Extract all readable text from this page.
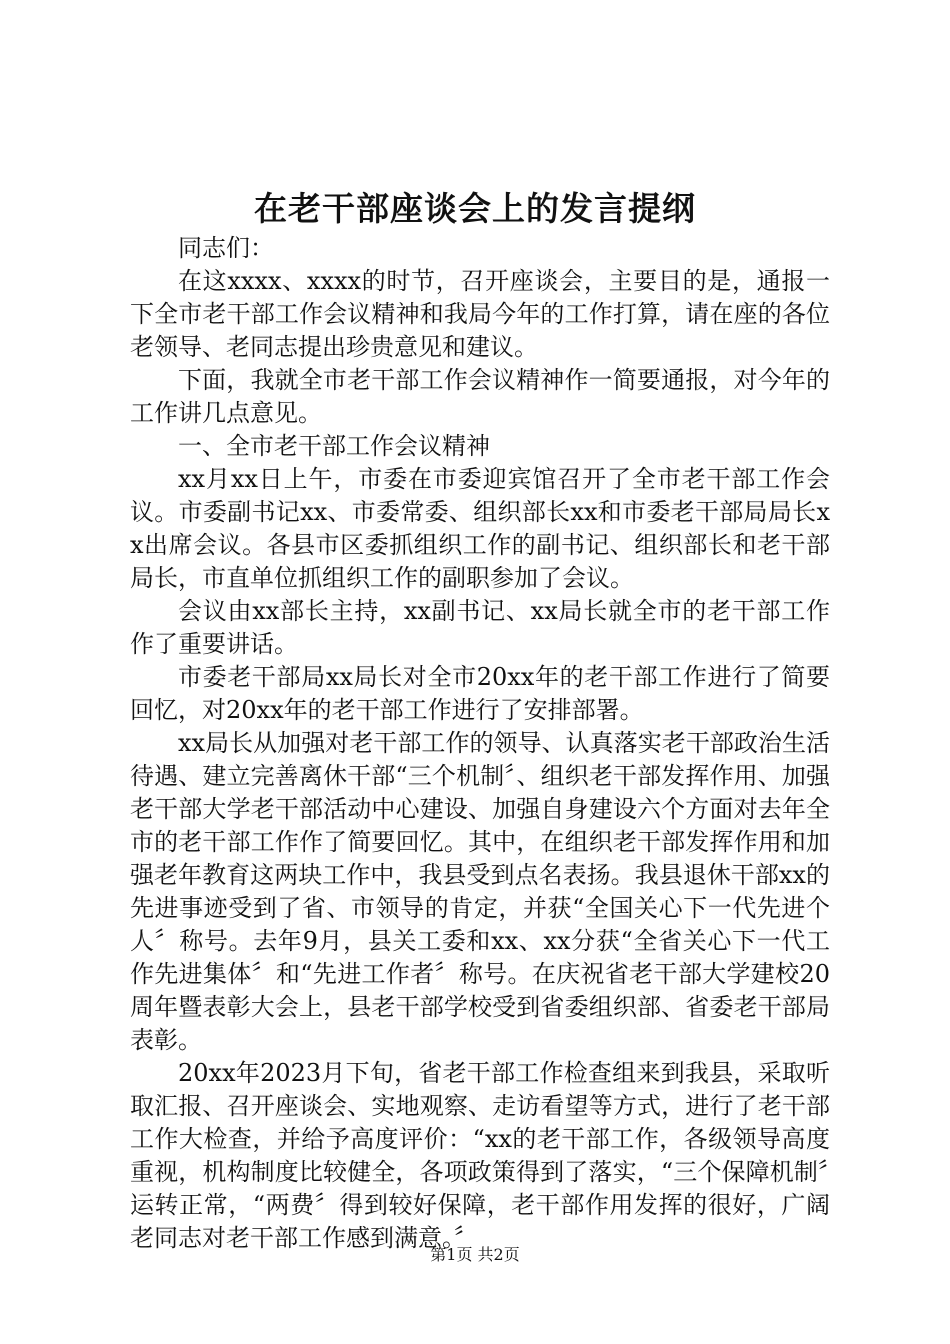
在老干部座谈会上的发言提纲

同志们：

在这xxxx、xxxx的时节，召开座谈会，主要目的是，通报一下全市老干部工作会议精神和我局今年的工作打算，请在座的各位老领导、老同志提出珍贵意见和建议。

下面，我就全市老干部工作会议精神作一简要通报，对今年的工作讲几点意见。

一、全市老干部工作会议精神

xx月xx日上午，市委在市委迎宾馆召开了全市老干部工作会议。市委副书记xx、市委常委、组织部长xx和市委老干部局局长xx出席会议。各县市区委抓组织工作的副书记、组织部长和老干部局长，市直单位抓组织工作的副职参加了会议。

会议由xx部长主持，xx副书记、xx局长就全市的老干部工作作了重要讲话。

市委老干部局xx局长对全市20xx年的老干部工作进行了简要回忆，对20xx年的老干部工作进行了安排部署。

xx局长从加强对老干部工作的领导、认真落实老干部政治生活待遇、建立完善离休干部“三个机制〞、组织老干部发挥作用、加强老干部大学老干部活动中心建设、加强自身建设六个方面对去年全市的老干部工作作了简要回忆。其中，在组织老干部发挥作用和加强老年教育这两块工作中，我县受到点名表扬。我县退休干部xx的先进事迹受到了省、市领导的肯定，并获“全国关心下一代先进个人〞称号。去年9月，县关工委和xx、xx分获“全省关心下一代工作先进集体〞和“先进工作者〞称号。在庆祝省老干部大学建校20周年暨表彰大会上，县老干部学校受到省委组织部、省委老干部局表彰。

20xx年2023月下旬，省老干部工作检查组来到我县，采取听取汇报、召开座谈会、实地观察、走访看望等方式，进行了老干部工作大检查，并给予高度评价：“xx的老干部工作，各级领导高度重视，机构制度比较健全，各项政策得到了落实，“三个保障机制〞运转正常，“两费〞得到较好保障，老干部作用发挥的很好，广阔老同志对老干部工作感到满意。〞

第1页 共2页
